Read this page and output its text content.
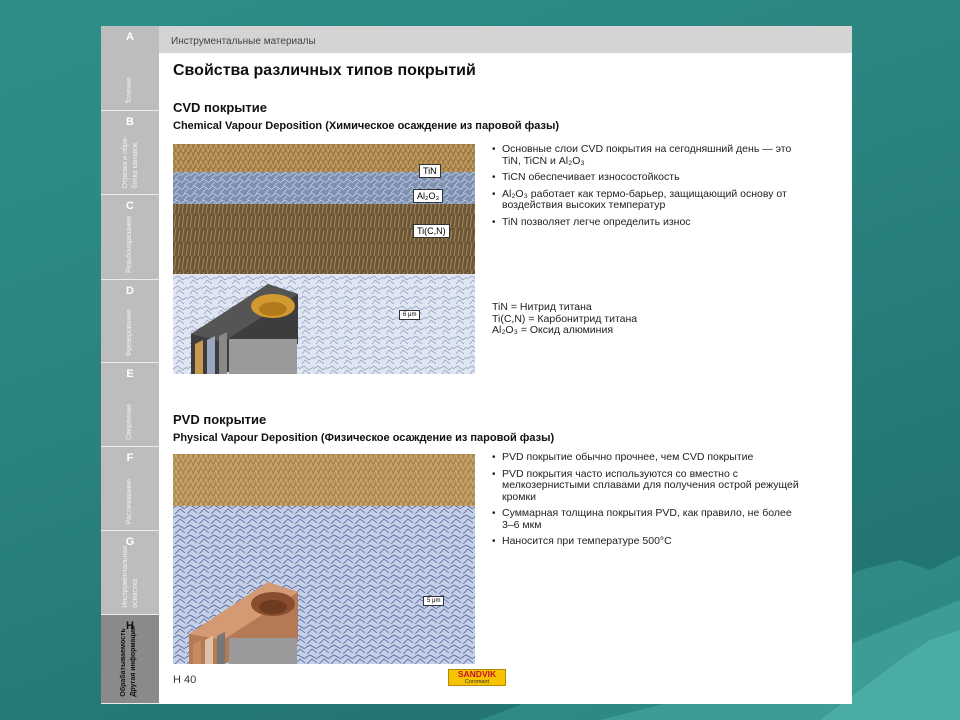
A
Точение
B
Отрезка и обра-
ботка канавок
C
Резьбонарезание
D
Фрезерование
E
Сверление
F
Растачивание
G
Инструментальная
оснастка
H
Обрабатываемость
Другая информация
Инструментальные материалы
Свойства различных типов покрытий
CVD покрытие
Chemical Vapour Deposition (Химическое осаждение из паровой фазы)
TiN
Al₂O₃
Ti(C,N)
6 μm
• Основные слои CVD покрытия на сегодняшний день — это TiN, TiCN и Al₂O₃
• TiCN обеспечивает износостойкость
• Al₂O₃ работает как термо-барьер, защищающий основу от воздействия высоких температур
• TiN позволяет легче определить износ
TiN = Нитрид титана
Ti(C,N) = Карбонитрид титана
Al₂O₃ = Оксид алюминия
PVD покрытие
Physical Vapour Deposition (Физическое осаждение из паровой фазы)
5 μm
• PVD покрытие обычно прочнее, чем CVD покрытие
• PVD покрытия часто используются со вместно с мелкозернистыми сплавами для получения острой режущей кромки
• Суммарная толщина покрытия PVD, как правило, не более 3–6 мкм
• Наносится при температуре 500°C
H 40	SANDVIK
Coromant
